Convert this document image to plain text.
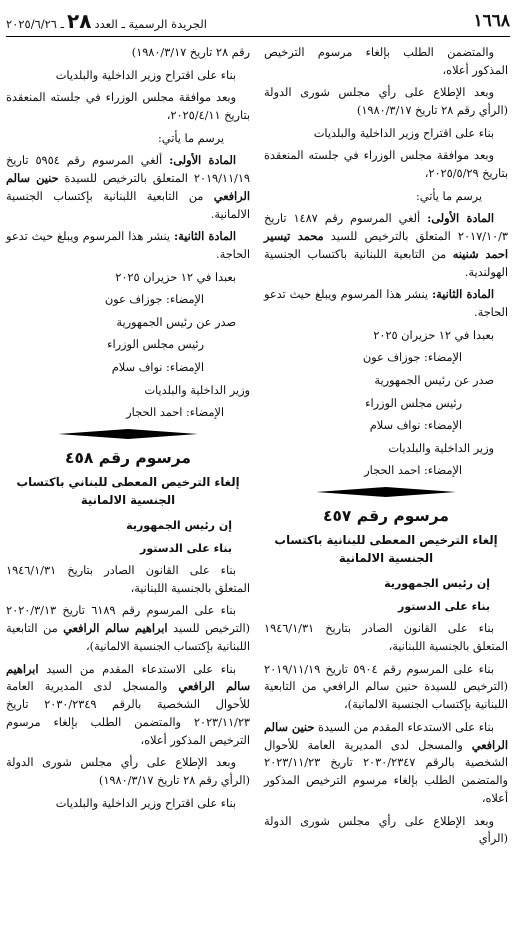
١٦٦٨
الجريدة الرسمية ـ العدد
٢٨
ـ ٢٠٢٥/٦/٢٦

والمتضمن الطلب بإلغاء مرسوم الترخيص المذكور أعلاه،

وبعد الإطلاع على رأي مجلس شورى الدولة (الرأي رقم ٢٨ تاريخ ١٩٨٠/٣/١٧)

بناء على اقتراح وزير الداخلية والبلديات

وبعد موافقة مجلس الوزراء في جلسته المنعقدة بتاريخ ٢٠٢٥/٥/٢٩،

يرسم ما يأتي:

المادة الأولى: ألغي المرسوم رقم ١٤٨٧ تاريخ ٢٠١٧/١٠/٣ المتعلق بالترخيص للسيد محمد تيسير احمد شنينه من التابعية اللبنانية باكتساب الجنسية الهولندية.

المادة الثانية: ينشر هذا المرسوم ويبلغ حيث تدعو الحاجة.

بعبدا في ١٢ حزيران ٢٠٢٥

الإمضاء: جوزاف عون

صدر عن رئيس الجمهورية

رئيس مجلس الوزراء

الإمضاء: نواف سلام

وزير الداخلية والبلديات

الإمضاء: احمد الحجار

مرسوم رقم ٤٥٧
إلغاء الترخيص المعطى للبنانية باكتساب الجنسية الالمانية

إن رئيس الجمهورية

بناء على الدستور

بناء على القانون الصادر بتاريخ ١٩٤٦/١/٣١ المتعلق بالجنسية اللبنانية،

بناء على المرسوم رقم ٥٩٠٤ تاريخ ٢٠١٩/١١/١٩ (الترخيص للسيدة حنين سالم الرافعي من التابعية اللبنانية بإكتساب الجنسية الالمانية)،

بناء على الاستدعاء المقدم من السيدة حنين سالم الرافعي والمسجل لدى المديرية العامة للأحوال الشخصية بالرقم ٢٠٣٠/٢٣٤٧ تاريخ ٢٠٢٣/١١/٢٣ والمتضمن الطلب بإلغاء مرسوم الترخيص المذكور أعلاه،

وبعد الإطلاع على رأي مجلس شورى الدولة (الرأي

رقم ٢٨ تاريخ ١٩٨٠/٣/١٧)

بناء على اقتراح وزير الداخلية والبلديات

وبعد موافقة مجلس الوزراء في جلسته المنعقدة بتاريخ ٢٠٢٥/٤/١١،

يرسم ما يأتي:

المادة الأولى: ألغي المرسوم رقم ٥٩٥٤ تاريخ ٢٠١٩/١١/١٩ المتعلق بالترخيص للسيدة حنين سالم الرافعي من التابعية اللبنانية بإكتساب الجنسية الالمانية.

المادة الثانية: ينشر هذا المرسوم ويبلغ حيث تدعو الحاجة.

بعبدا في ١٢ حزيران ٢٠٢٥

الإمضاء: جوزاف عون

صدر عن رئيس الجمهورية

رئيس مجلس الوزراء

الإمضاء: نواف سلام

وزير الداخلية والبلديات

الإمضاء: احمد الحجار

مرسوم رقم ٤٥٨
إلغاء الترخيص المعطى للبناني باكتساب الجنسية الالمانية

إن رئيس الجمهورية

بناء على الدستور

بناء على القانون الصادر بتاريخ ١٩٤٦/١/٣١ المتعلق بالجنسية اللبنانية،

بناء على المرسوم رقم ٦١٨٩ تاريخ ٢٠٢٠/٣/١٣ (الترخيص للسيد ابراهيم سالم الرافعي من التابعية اللبنانية بإكتساب الجنسية الالمانية)،

بناء على الاستدعاء المقدم من السيد ابراهيم سالم الرافعي والمسجل لدى المديرية العامة للأحوال الشخصية بالرقم ٢٠٣٠/٢٣٤٩ تاريخ ٢٠٢٣/١١/٢٣ والمتضمن الطلب بإلغاء مرسوم الترخيص المذكور أعلاه،

وبعد الإطلاع على رأي مجلس شورى الدولة (الرأي رقم ٢٨ تاريخ ١٩٨٠/٣/١٧)

بناء على اقتراح وزير الداخلية والبلديات
